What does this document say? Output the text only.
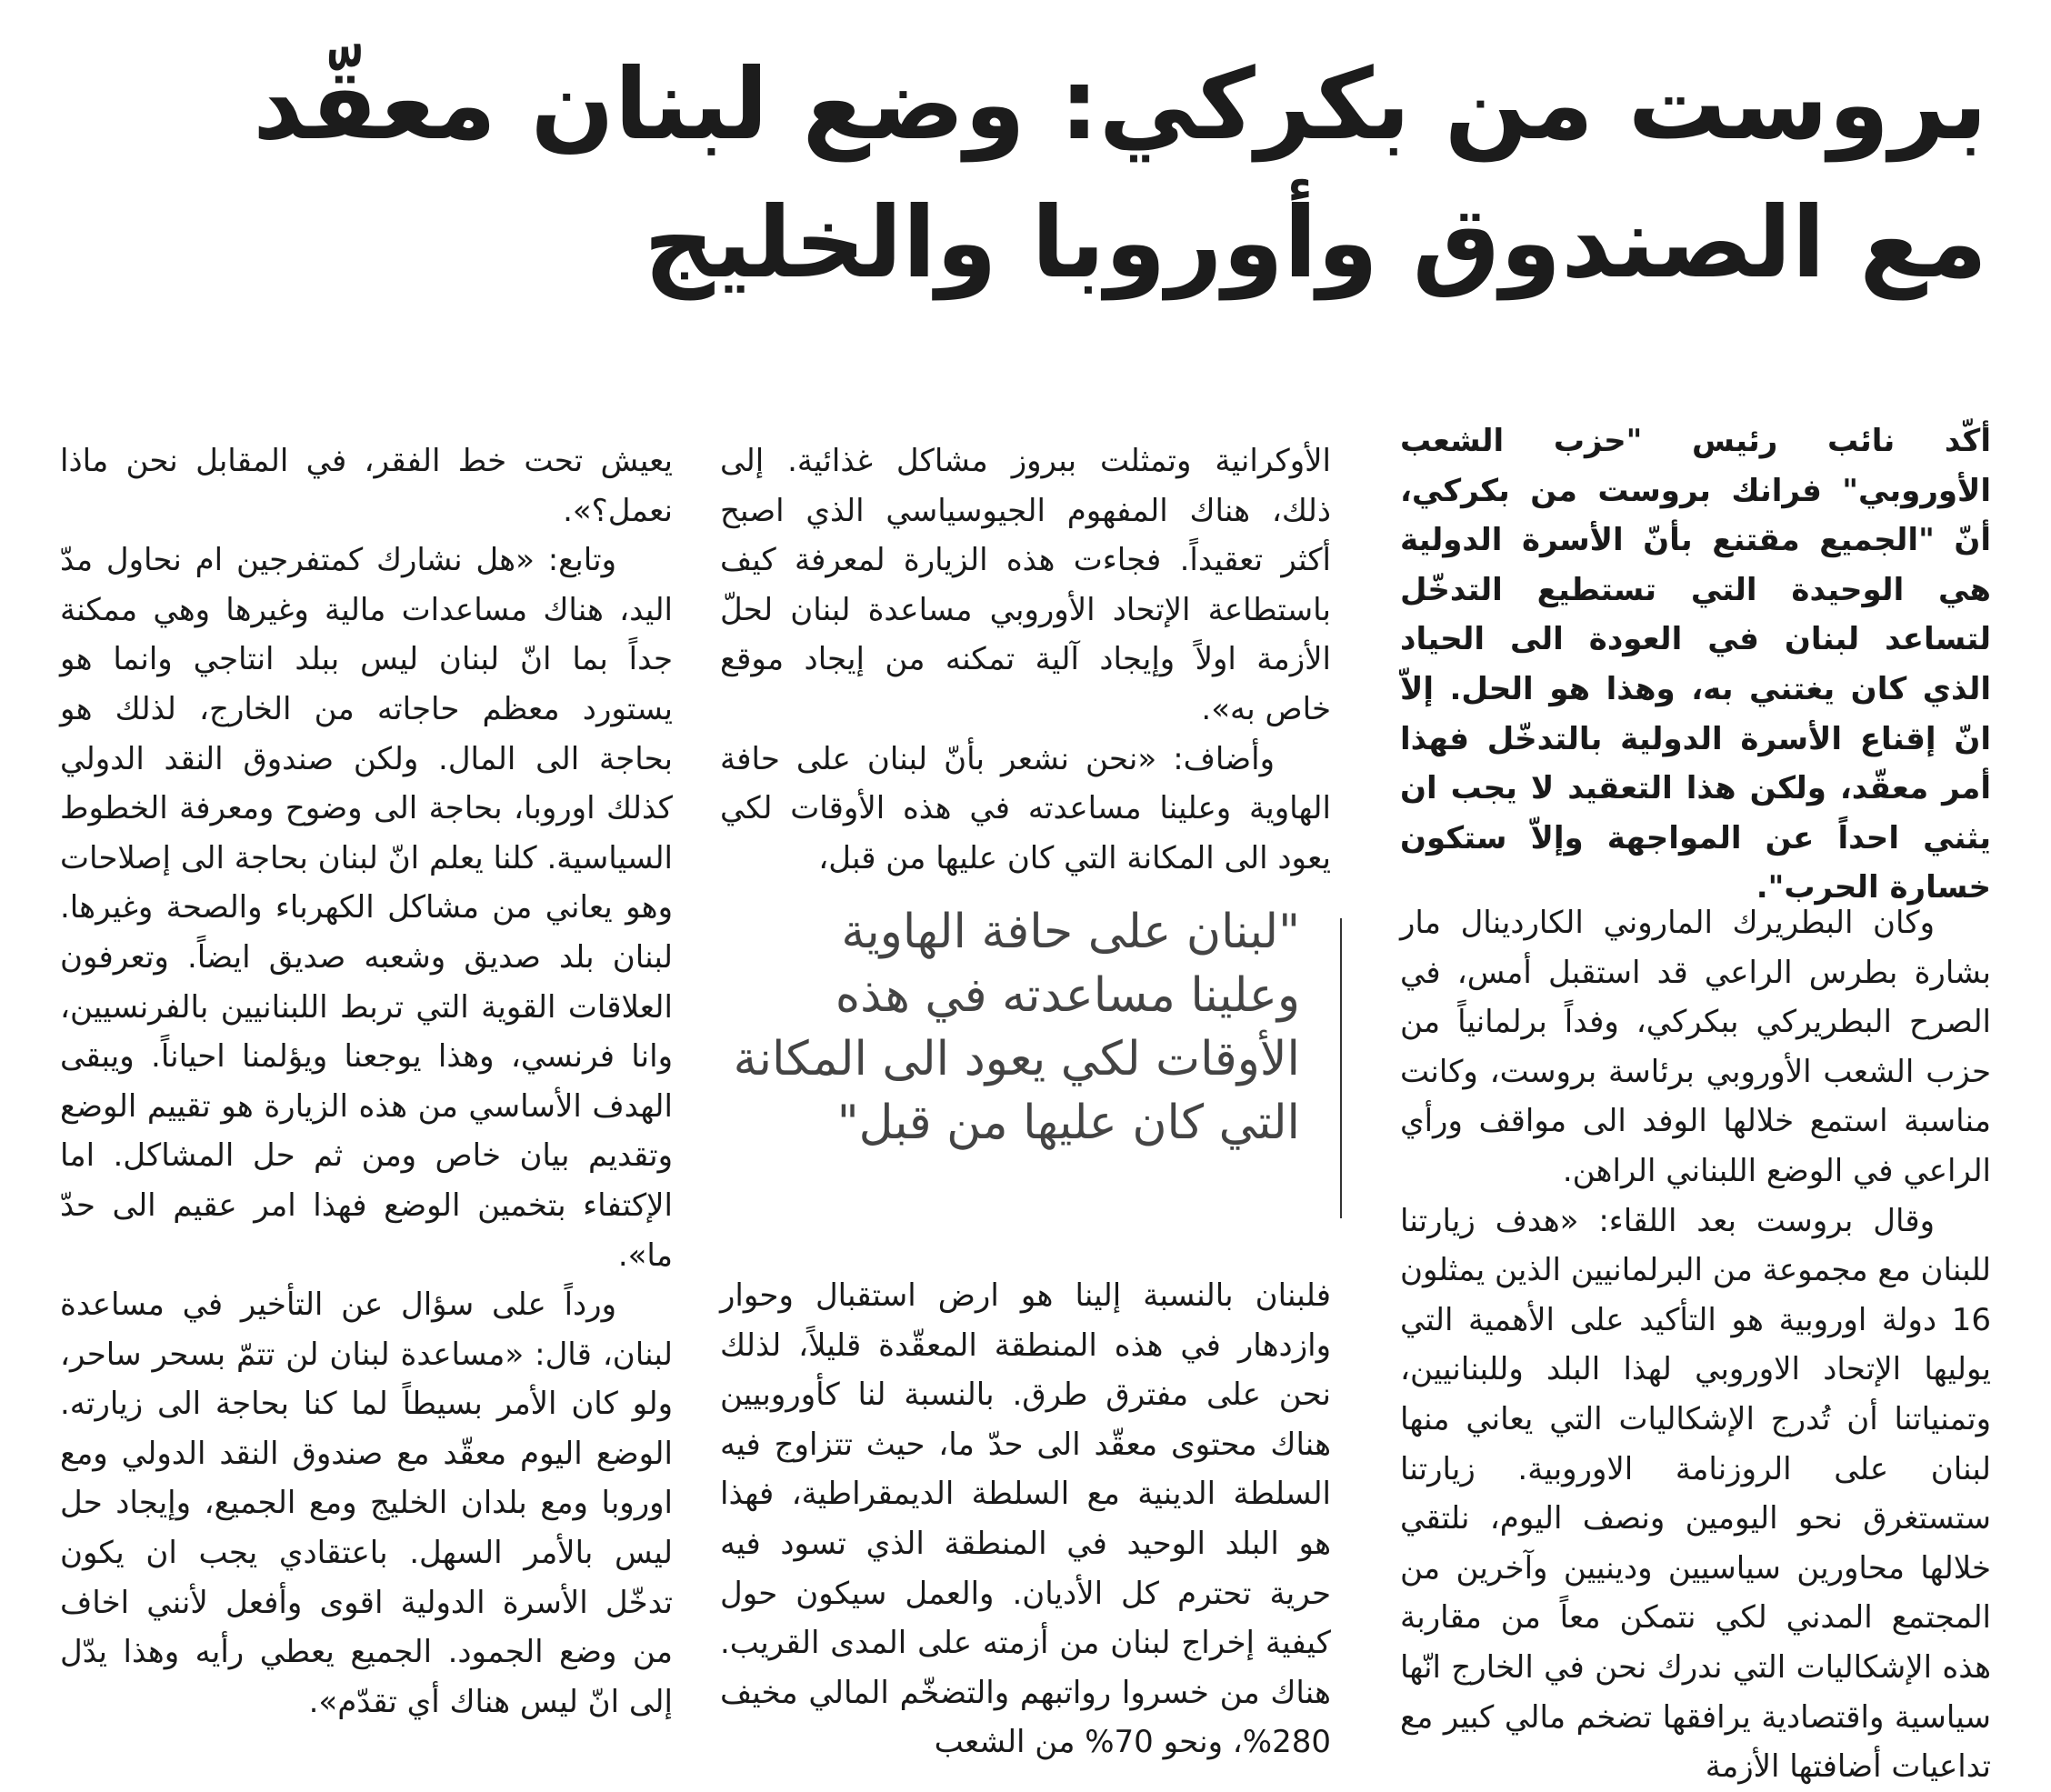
بروست من بكركي: وضع لبنان معقّد
مع الصندوق وأوروبا والخليج

أكّد نائب رئيس "حزب الشعب الأوروبي" فرانك بروست من بكركي، أنّ "الجميع مقتنع بأنّ الأسرة الدولية هي الوحيدة التي تستطيع التدخّل لتساعد لبنان في العودة الى الحياد الذي كان يغتني به، وهذا هو الحل. إلاّ انّ إقناع الأسرة الدولية بالتدخّل فهذا أمر معقّد، ولكن هذا التعقيد لا يجب ان يثني احداً عن المواجهة وإلاّ ستكون خسارة الحرب".

وكان البطريرك الماروني الكاردينال مار بشارة بطرس الراعي قد استقبل أمس، في الصرح البطريركي ببكركي، وفداً برلمانياً من حزب الشعب الأوروبي برئاسة بروست، وكانت مناسبة استمع خلالها الوفد الى مواقف ورأي الراعي في الوضع اللبناني الراهن.

وقال بروست بعد اللقاء: «هدف زيارتنا للبنان مع مجموعة من البرلمانيين الذين يمثلون 16 دولة اوروبية هو التأكيد على الأهمية التي يوليها الإتحاد الاوروبي لهذا البلد وللبنانيين، وتمنياتنا أن تُدرج الإشكاليات التي يعاني منها لبنان على الروزنامة الاوروبية. زيارتنا ستستغرق نحو اليومين ونصف اليوم، نلتقي خلالها محاورين سياسيين ودينيين وآخرين من المجتمع المدني لكي نتمكن معاً من مقاربة هذه الإشكاليات التي ندرك نحن في الخارج انّها سياسية واقتصادية يرافقها تضخم مالي كبير مع تداعيات أضافتها الأزمة

الأوكرانية وتمثلت ببروز مشاكل غذائية. إلى ذلك، هناك المفهوم الجيوسياسي الذي اصبح أكثر تعقيداً. فجاءت هذه الزيارة لمعرفة كيف باستطاعة الإتحاد الأوروبي مساعدة لبنان لحلّ الأزمة اولاً وإيجاد آلية تمكنه من إيجاد موقع خاص به».

وأضاف: «نحن نشعر بأنّ لبنان على حافة الهاوية وعلينا مساعدته في هذه الأوقات لكي يعود الى المكانة التي كان عليها من قبل،

"لبنان على حافة الهاوية وعلينا مساعدته في هذه الأوقات لكي يعود الى المكانة التي كان عليها من قبل"

فلبنان بالنسبة إلينا هو ارض استقبال وحوار وازدهار في هذه المنطقة المعقّدة قليلاً، لذلك نحن على مفترق طرق. بالنسبة لنا كأوروبيين هناك محتوى معقّد الى حدّ ما، حيث تتزاوج فيه السلطة الدينية مع السلطة الديمقراطية، فهذا هو البلد الوحيد في المنطقة الذي تسود فيه حرية تحترم كل الأديان. والعمل سيكون حول كيفية إخراج لبنان من أزمته على المدى القريب. هناك من خسروا رواتبهم والتضخّم المالي مخيف 280%، ونحو 70% من الشعب

يعيش تحت خط الفقر، في المقابل نحن ماذا نعمل؟».

وتابع: «هل نشارك كمتفرجين ام نحاول مدّ اليد، هناك مساعدات مالية وغيرها وهي ممكنة جداً بما انّ لبنان ليس ببلد انتاجي وانما هو يستورد معظم حاجاته من الخارج، لذلك هو بحاجة الى المال. ولكن صندوق النقد الدولي كذلك اوروبا، بحاجة الى وضوح ومعرفة الخطوط السياسية. كلنا يعلم انّ لبنان بحاجة الى إصلاحات وهو يعاني من مشاكل الكهرباء والصحة وغيرها. لبنان بلد صديق وشعبه صديق ايضاً. وتعرفون العلاقات القوية التي تربط اللبنانيين بالفرنسيين، وانا فرنسي، وهذا يوجعنا ويؤلمنا احياناً. ويبقى الهدف الأساسي من هذه الزيارة هو تقييم الوضع وتقديم بيان خاص ومن ثم حل المشاكل. اما الإكتفاء بتخمين الوضع فهذا امر عقيم الى حدّ ما».

ورداً على سؤال عن التأخير في مساعدة لبنان، قال: «مساعدة لبنان لن تتمّ بسحر ساحر، ولو كان الأمر بسيطاً لما كنا بحاجة الى زيارته. الوضع اليوم معقّد مع صندوق النقد الدولي ومع اوروبا ومع بلدان الخليج ومع الجميع، وإيجاد حل ليس بالأمر السهل. باعتقادي يجب ان يكون تدخّل الأسرة الدولية اقوى وأفعل لأنني اخاف من وضع الجمود. الجميع يعطي رأيه وهذا يدّل إلى انّ ليس هناك أي تقدّم».
